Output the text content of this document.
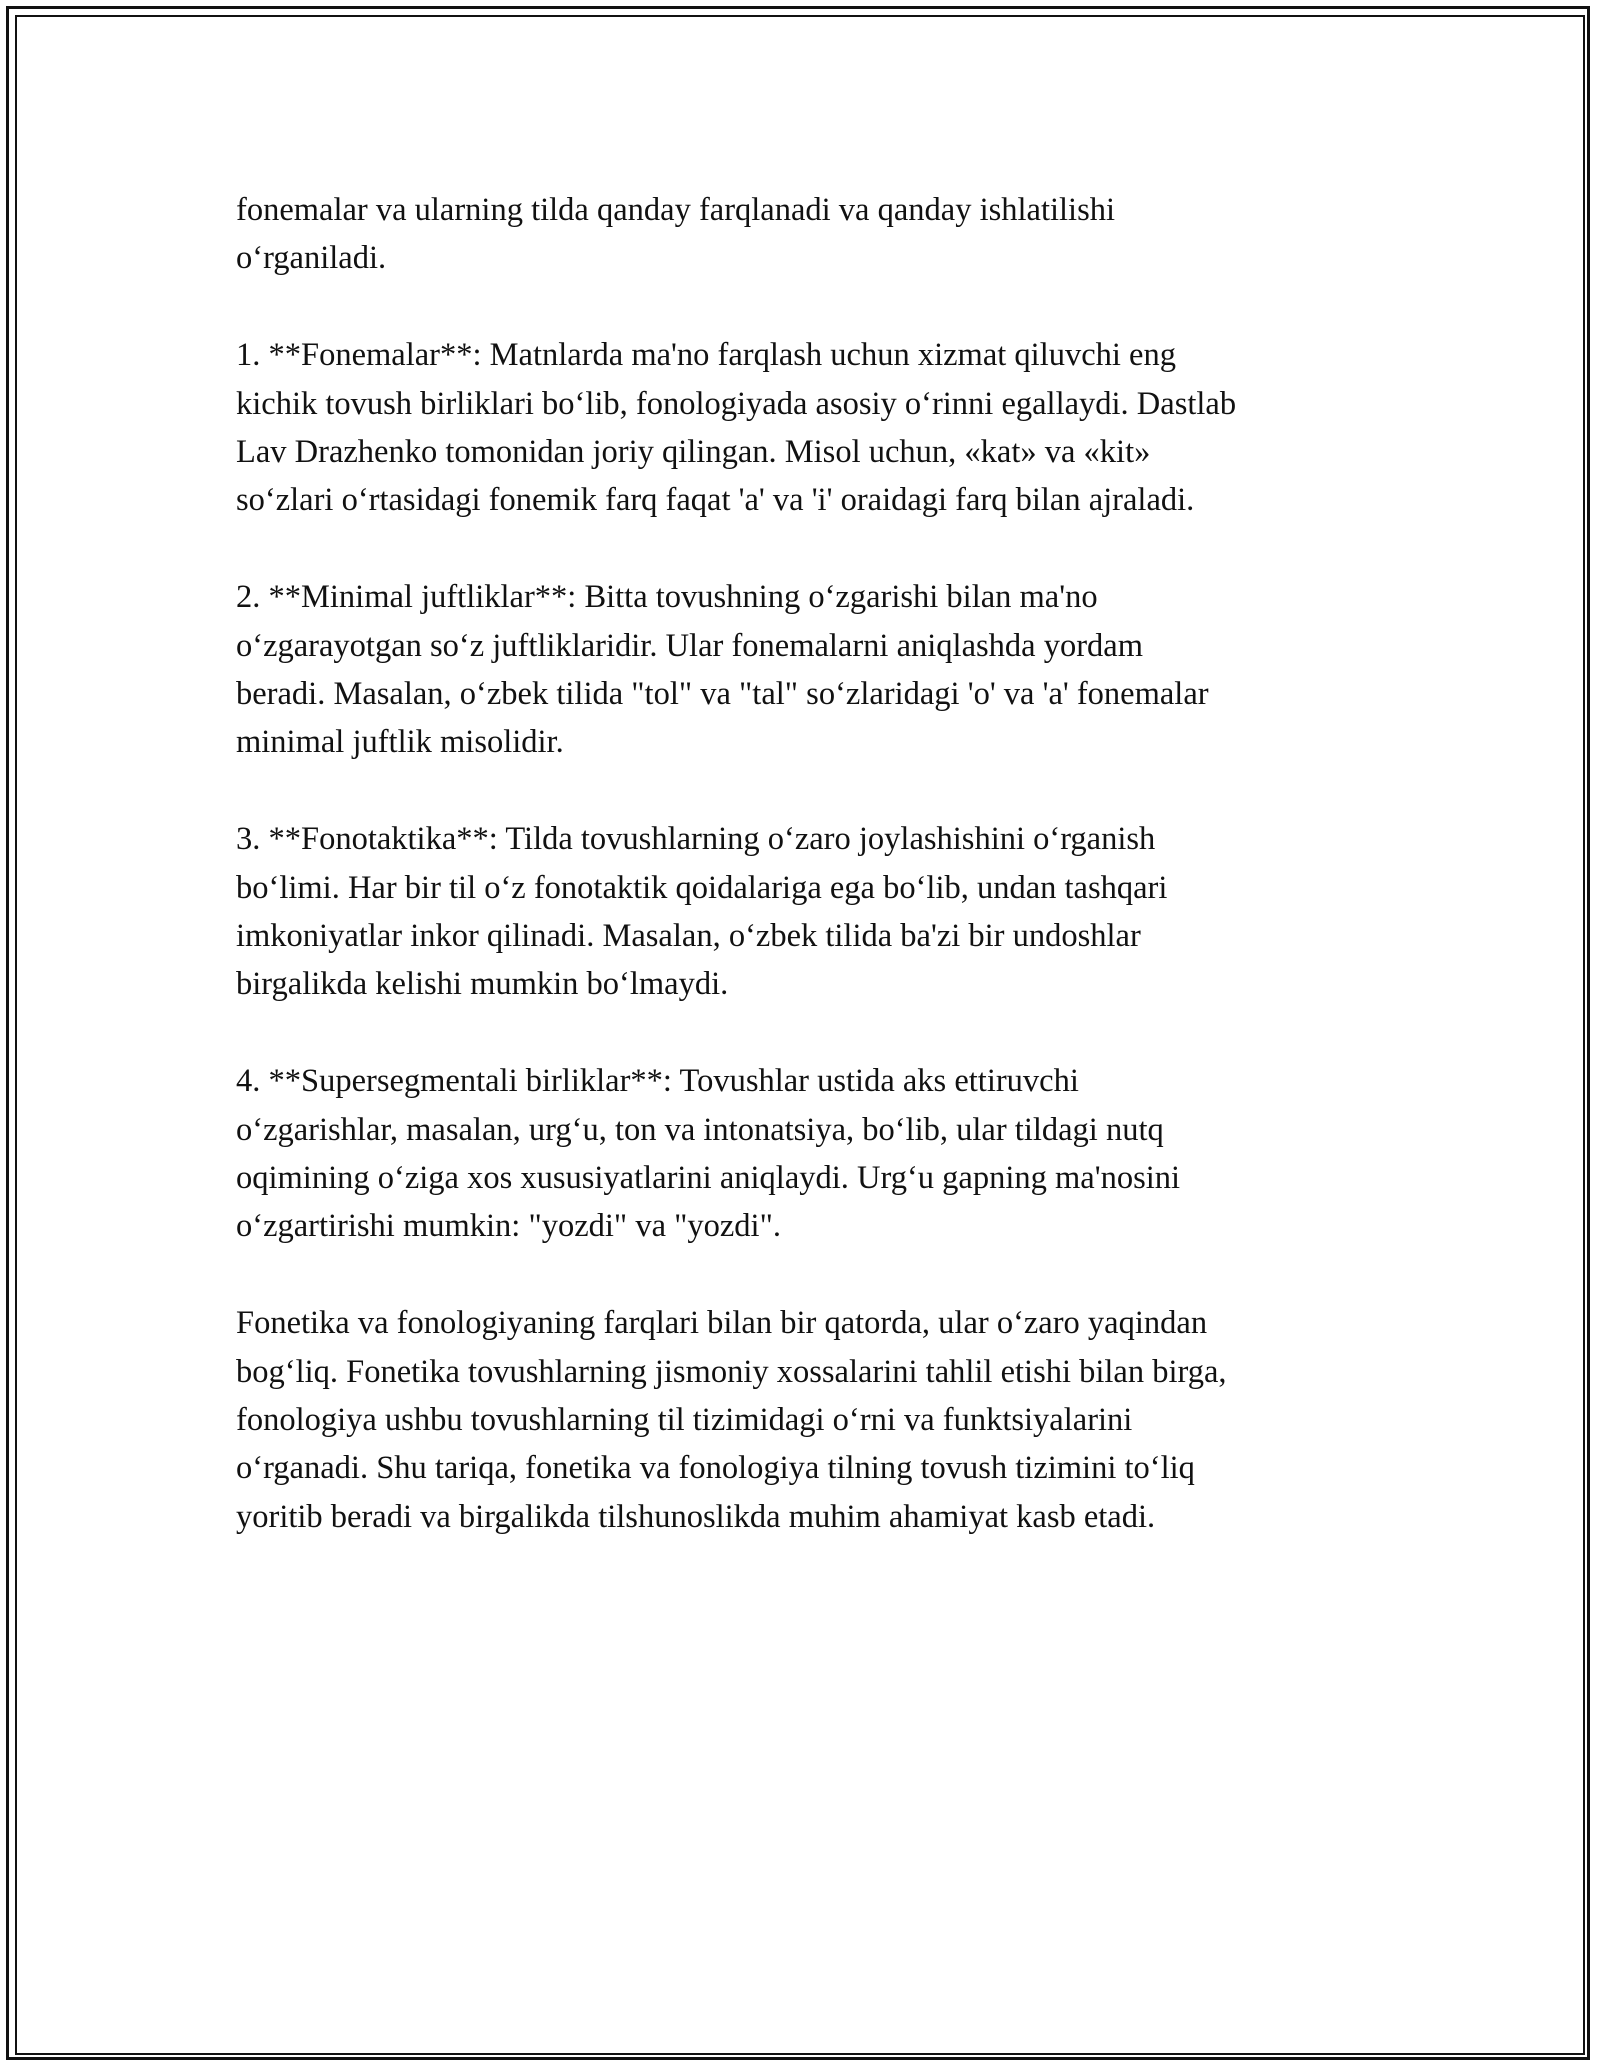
fonemalar va ularning tilda qanday farqlanadi va qanday ishlatilishi
o‘rganiladi.

1. **Fonemalar**: Matnlarda ma'no farqlash uchun xizmat qiluvchi eng
kichik tovush birliklari bo‘lib, fonologiyada asosiy o‘rinni egallaydi. Dastlab
Lav Drazhenko tomonidan joriy qilingan. Misol uchun, «kat» va «kit»
so‘zlari o‘rtasidagi fonemik farq faqat 'a' va 'i' oraidagi farq bilan ajraladi.

2. **Minimal juftliklar**: Bitta tovushning o‘zgarishi bilan ma'no
o‘zgarayotgan so‘z juftliklaridir. Ular fonemalarni aniqlashda yordam
beradi. Masalan, o‘zbek tilida "tol" va "tal" so‘zlaridagi 'o' va 'a' fonemalar
minimal juftlik misolidir.

3. **Fonotaktika**: Tilda tovushlarning o‘zaro joylashishini o‘rganish
bo‘limi. Har bir til o‘z fonotaktik qoidalariga ega bo‘lib, undan tashqari
imkoniyatlar inkor qilinadi. Masalan, o‘zbek tilida ba'zi bir undoshlar
birgalikda kelishi mumkin bo‘lmaydi.

4. **Supersegmentali birliklar**: Tovushlar ustida aks ettiruvchi
o‘zgarishlar, masalan, urg‘u, ton va intonatsiya, bo‘lib, ular tildagi nutq
oqimining o‘ziga xos xususiyatlarini aniqlaydi. Urg‘u gapning ma'nosini
o‘zgartirishi mumkin: "yozdi" va "yozdi".

Fonetika va fonologiyaning farqlari bilan bir qatorda, ular o‘zaro yaqindan
bog‘liq. Fonetika tovushlarning jismoniy xossalarini tahlil etishi bilan birga,
fonologiya ushbu tovushlarning til tizimidagi o‘rni va funktsiyalarini
o‘rganadi. Shu tariqa, fonetika va fonologiya tilning tovush tizimini to‘liq
yoritib beradi va birgalikda tilshunoslikda muhim ahamiyat kasb etadi.
